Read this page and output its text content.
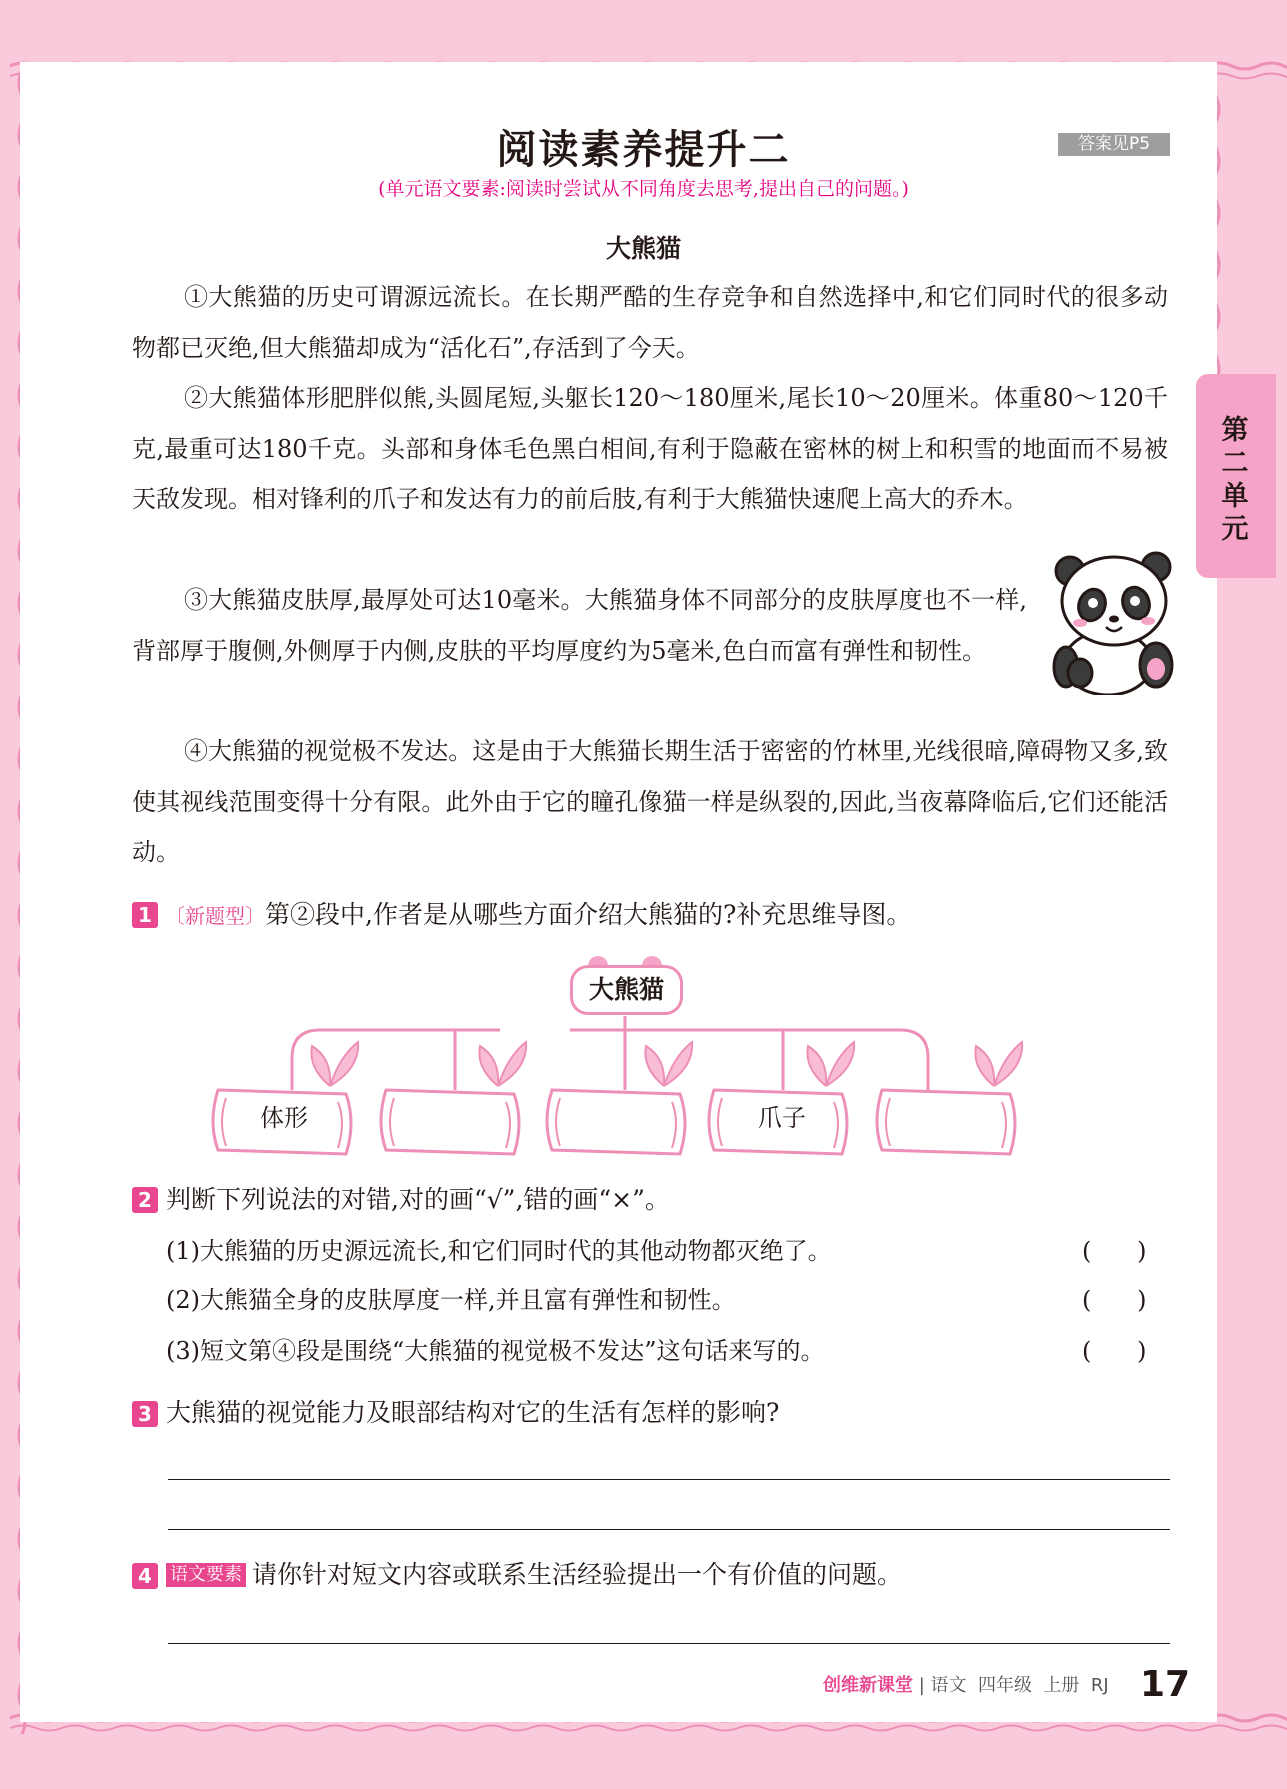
阅读素养提升二	答案见P5
(单元语文要素:阅读时尝试从不同角度去思考,提出自己的问题。)
第二单元
大熊猫

①大熊猫的历史可谓源远流长。在长期严酷的生存竞争和自然选择中,和它们同时代的很多动物都已灭绝,但大熊猫却成为“活化石”,存活到了今天。

②大熊猫体形肥胖似熊,头圆尾短,头躯长120～180厘米,尾长10～20厘米。体重80～120千克,最重可达180千克。头部和身体毛色黑白相间,有利于隐蔽在密林的树上和积雪的地面而不易被天敌发现。相对锋利的爪子和发达有力的前后肢,有利于大熊猫快速爬上高大的乔木。

③大熊猫皮肤厚,最厚处可达10毫米。大熊猫身体不同部分的皮肤厚度也不一样,背部厚于腹侧,外侧厚于内侧,皮肤的平均厚度约为5毫米,色白而富有弹性和韧性。

④大熊猫的视觉极不发达。这是由于大熊猫长期生活于密密的竹林里,光线很暗,障碍物又多,致使其视线范围变得十分有限。此外由于它的瞳孔像猫一样是纵裂的,因此,当夜幕降临后,它们还能活动。

1 〔新题型〕第②段中,作者是从哪些方面介绍大熊猫的?补充思维导图。
大熊猫
体形	爪子
2 判断下列说法的对错,对的画“√”,错的画“×”。
(1)大熊猫的历史源远流长,和它们同时代的其他动物都灭绝了。	(      )
(2)大熊猫全身的皮肤厚度一样,并且富有弹性和韧性。	(      )
(3)短文第④段是围绕“大熊猫的视觉极不发达”这句话来写的。	(      )
3 大熊猫的视觉能力及眼部结构对它的生活有怎样的影响?
4	语文要素 请你针对短文内容或联系生活经验提出一个有价值的问题。
创维新课堂 | 语文  四年级  上册  RJ 17
